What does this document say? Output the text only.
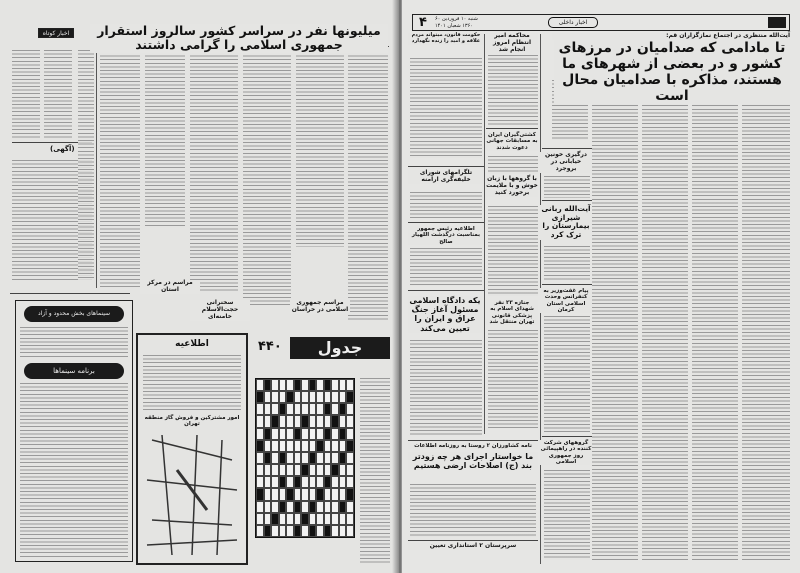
اخبار کوتاه	میلیونها نفر در سراسر کشور سالروز استقرار جمهوری اسلامی را گرامی داشتند
(آگهی)
مراسم در مرکز استان
سخنرانی حجت‌الاسلام خامنه‌ای
مراسم جمهوری اسلامی در خراسان
سینماهای بخش محدود و آزاد
برنامه سینماها
اطلاعیه
امور مشترکین و فروش گاز منطقه تهران
۴۴۰	جدول
۴ شنبه ۱۰ فروردین ۶۰
۱۳۶۰ شعبان ۱۴۰۱	اخبار داخلی
آیت‌الله منتظری در اجتماع نمازگزاران قم:
تا مادامی که صدامیان در مرزهای کشور و در بعضی از شهرهای ما هستند، مذاکره با صدامیان محال است
درگیری خونین خیابانی در بروجرد
آیت‌الله ربانی شیرازی بیمارستان را ترک کرد
پیام غفت‌وزیر به کنفرانس وحدت اسلامی استان کرمان
گروههای شرکت کننده در راهپیمائی روز جمهوری اسلامی
محاکمه امیر انتظام امروز انجام شد
کشتی‌گیران ایران به مسابقات جهانی دعوت شدند
با گروهها با زبان خوش و با ملایمت برخورد کنید
حکومت قانون، میتواند مردم علاقه و امید را زنده نگهدارد
تلگرامهای شورای خلیفه‌گری ارامنه
اطلاعیه رئیس جمهور بمناسبت درگذشت اللهیار صالح
یکه دادگاه اسلامی مسئول آغاز جنگ عراق و ایران را تعیین می‌کند
جنازه ۲۳ نفر شهدای اسلام به پزشکی قانونی تهران منتقل شد
نامه کشاورزان ۲ روستا به روزنامه اطلاعات
ما خواستار اجرای هر چه زودتر بند (ج) اصلاحات ارضی هستیم
سرپرستان ۲ استانداری تعیین
